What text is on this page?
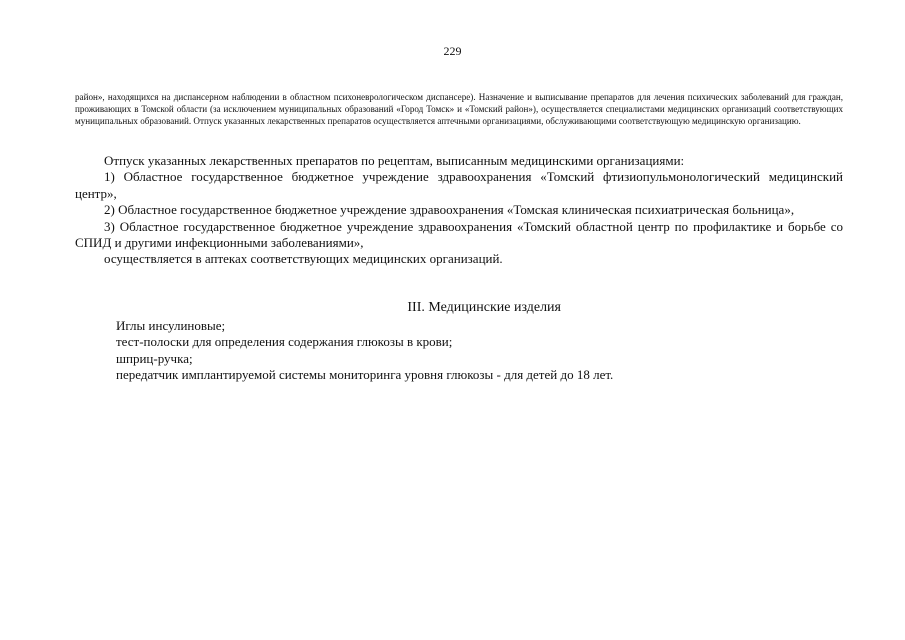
229
район», находящихся на диспансерном наблюдении в областном психоневрологическом диспансере). Назначение и выписывание препаратов для лечения психических заболеваний для граждан, проживающих в Томской области (за исключением муниципальных образований «Город Томск» и «Томский район»), осуществляется специалистами медицинских организаций соответствующих муниципальных образований. Отпуск указанных лекарственных препаратов осуществляется аптечными организациями, обслуживающими соответствующую медицинскую организацию.

Отпуск указанных лекарственных препаратов по рецептам, выписанным медицинскими организациями:

1) Областное государственное бюджетное учреждение здравоохранения «Томский фтизиопульмонологический медицинский центр»,

2) Областное государственное бюджетное учреждение здравоохранения «Томская клиническая психиатрическая больница»,

3) Областное государственное бюджетное учреждение здравоохранения «Томский областной центр по профилактике и борьбе со СПИД и другими инфекционными заболеваниями»,

осуществляется в аптеках соответствующих медицинских организаций.

III. Медицинские изделия
Иглы инсулиновые;
тест-полоски для определения содержания глюкозы в крови;
шприц-ручка;
передатчик имплантируемой системы мониторинга уровня глюкозы - для детей до 18 лет.
